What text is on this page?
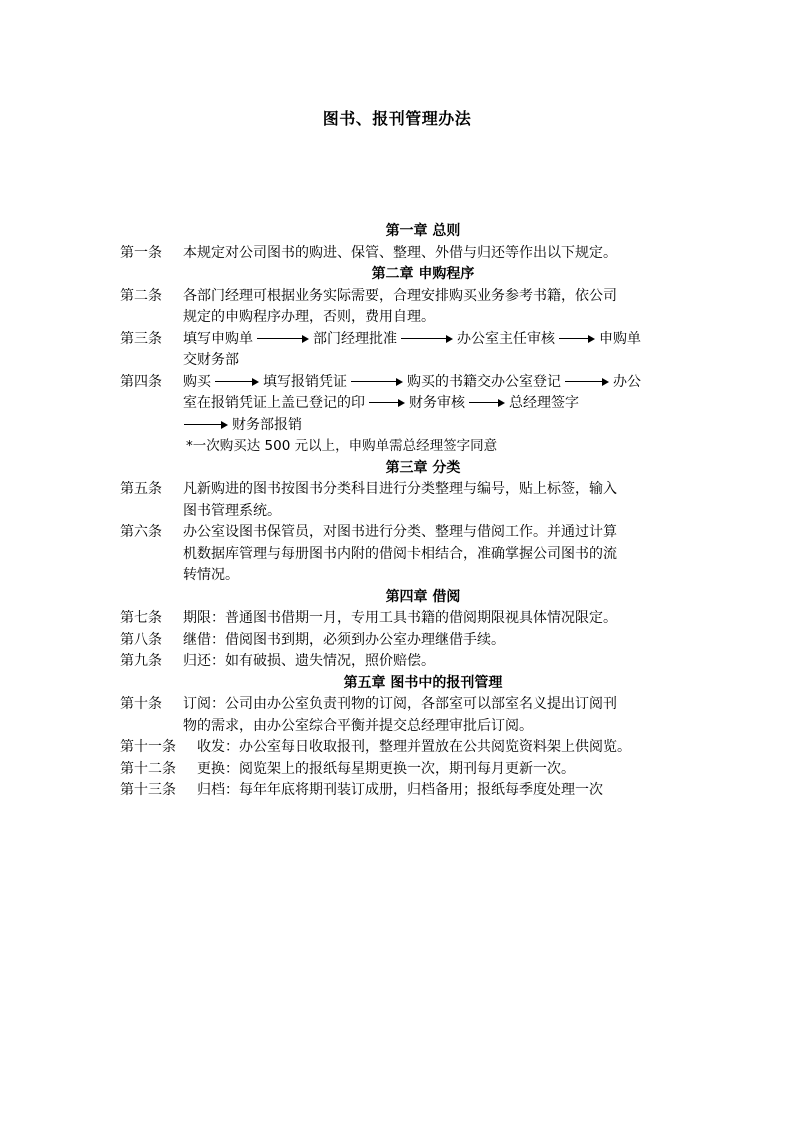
图书、报刊管理办法
第一章 总则
第一条 本规定对公司图书的购进、保管、整理、外借与归还等作出以下规定。
第二章 申购程序
第二条 各部门经理可根据业务实际需要，合理安排购买业务参考书籍，依公司
规定的申购程序办理，否则，费用自理。
第三条 填写申购单	部门经理批准	办公室主任审核	申购单
交财务部
第四条 购买	填写报销凭证	购买的书籍交办公室登记	办公
室在报销凭证上盖已登记的印	财务审核	总经理签字
财务部报销
*一次购买达 500 元以上，申购单需总经理签字同意
第三章 分类
第五条 凡新购进的图书按图书分类科目进行分类整理与编号，贴上标签，输入
图书管理系统。
第六条 办公室设图书保管员，对图书进行分类、整理与借阅工作。并通过计算
机数据库管理与每册图书内附的借阅卡相结合，准确掌握公司图书的流
转情况。
第四章 借阅
第七条 期限：普通图书借期一月，专用工具书籍的借阅期限视具体情况限定。
第八条 继借：借阅图书到期，必须到办公室办理继借手续。
第九条 归还：如有破损、遗失情况，照价赔偿。
第五章 图书中的报刊管理
第十条 订阅：公司由办公室负责刊物的订阅，各部室可以部室名义提出订阅刊
物的需求，由办公室综合平衡并提交总经理审批后订阅。
第十一条 收发：办公室每日收取报刊，整理并置放在公共阅览资料架上供阅览。
第十二条 更换：阅览架上的报纸每星期更换一次，期刊每月更新一次。
第十三条 归档：每年年底将期刊装订成册，归档备用；报纸每季度处理一次
